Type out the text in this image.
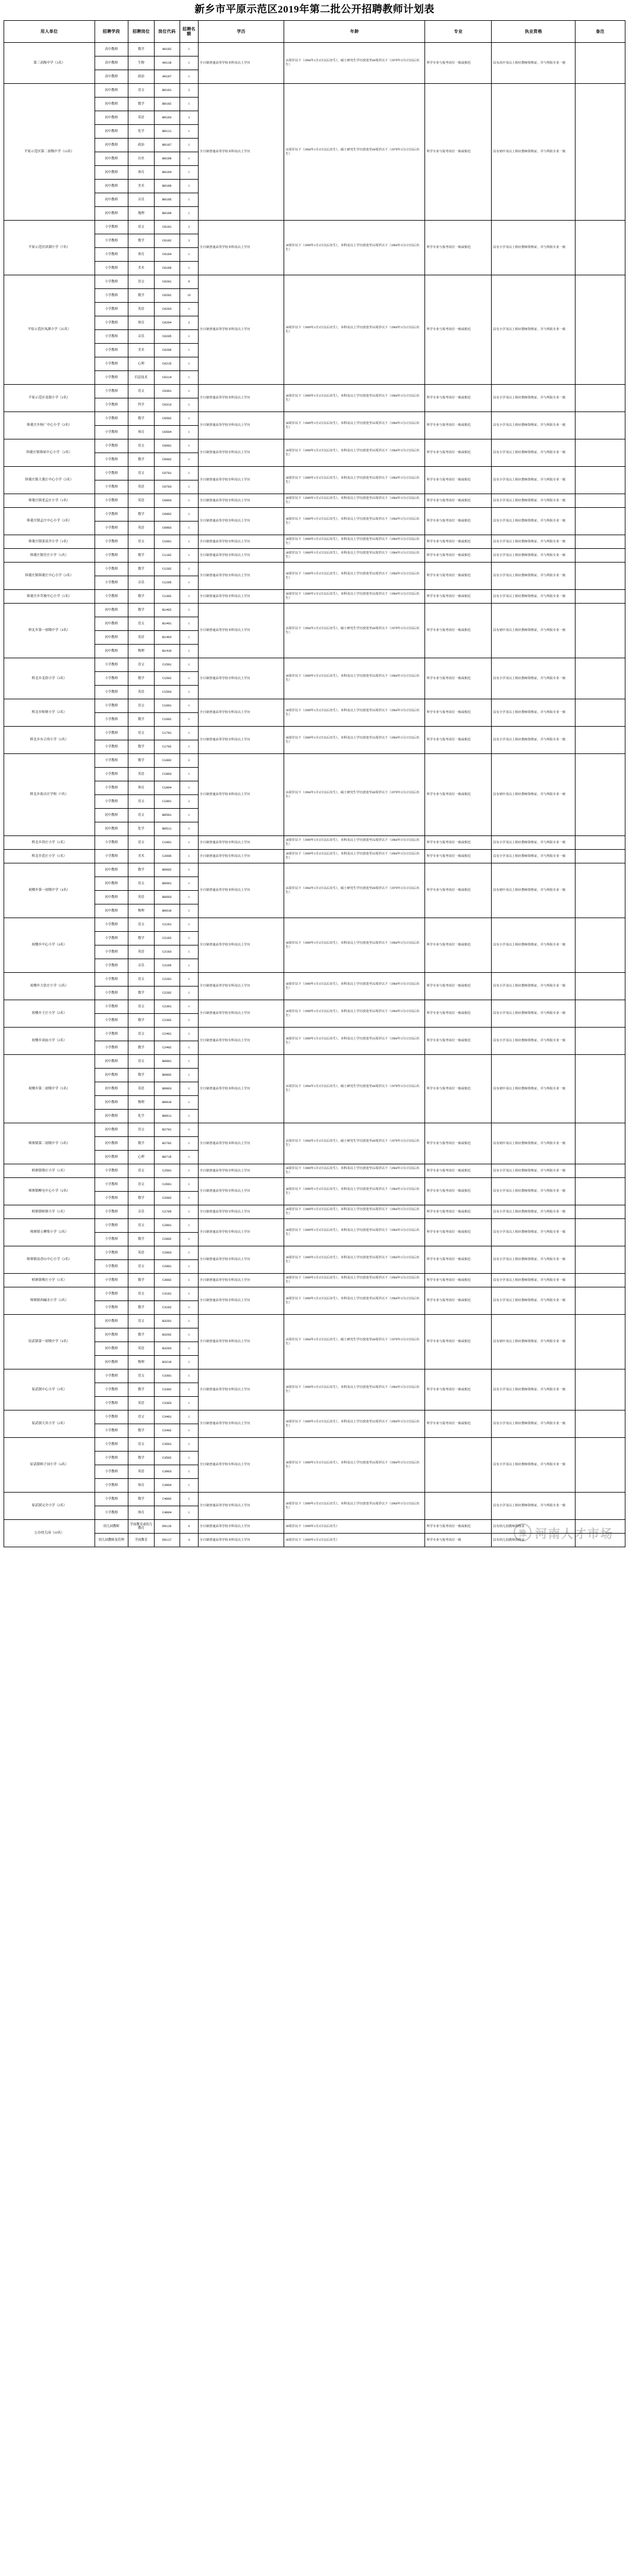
新乡市平原示范区2019年第二批公开招聘教师计划表
用人单位	招聘学段	招聘岗位	岗位代码	招聘名额	学历	年龄	专业	执业资格	备注
第三高级中学（3名）	高中教师	数学	A0102	1	全日制普通高等学校本科及以上学历	35周岁以下（1984年1月1日以后出生），硕士研究生学历放宽至40周岁以下（1979年1月1日以后出生）	所学专业与报考岗位一致或相近	具有高中及以上相应教师资格证，并与所报专业一致	
	高中教师	生物	A0118	1					
	高中教师	政治	A0107	1					
平原示范区第二初级中学（13名）	初中教师	语文	B0101	2	全日制普通高等学校本科及以上学历	35周岁以下（1984年1月1日以后出生），硕士研究生学历放宽至40周岁以下（1979年1月1日以后出生）	所学专业与报考岗位一致或相近	具有初中及以上相应教师资格证，并与所报专业一致	
	初中教师	数学	B0102	1					
	初中教师	英语	B0103	3					
	初中教师	化学	B0111	1					
	初中教师	政治	B0107	1					
	初中教师	历史	B0108	1					
	初中教师	体育	B0104	1					
	初中教师	美术	B0106	1					
	初中教师	音乐	B0105	1					
	初中教师	地理	B0109	1					
平原示范区滨湖小学（7名）	小学教师	语文	C0101	2	全日制普通高等学校本科及以上学历	30周岁以下（1989年1月1日以后出生），本科及以上学历放宽至35周岁以下（1984年1月1日以后出生）	所学专业与报考岗位一致或相近	具有小学及以上相应教师资格证，并与所报专业一致	
	小学教师	数学	C0102	3					
	小学教师	体育	C0104	1					
	小学教师	美术	C0106	1					
平原示范区凤湖小学（25名）	小学教师	语文	C0201	8	全日制普通高等学校本科及以上学历	30周岁以下（1989年1月1日以后出生），本科及以上学历放宽至35周岁以下（1984年1月1日以后出生）	所学专业与报考岗位一致或相近	具有小学及以上相应教师资格证，并与所报专业一致	
	小学教师	数学	C0202	10					
	小学教师	英语	C0203	1					
	小学教师	体育	C0204	2					
	小学教师	音乐	C0205	1					
	小学教师	美术	C0206	1					
	小学教师	心理	C0215	1					
	小学教师	信息技术	C0214	1					
平原示范区龙源小学（2名）	小学教师	语文	C0301	1	全日制普通高等学校本科及以上学历	30周岁以下（1989年1月1日以后出生），本科及以上学历放宽至35周岁以下（1984年1月1日以后出生）	所学专业与报考岗位一致或相近	具有小学及以上相应教师资格证，并与所报专业一致	
	小学教师	科学	C0313	1					
韩董庄乡杨厂中心小学（2名）	小学教师	数学	C0502	1	全日制普通高等学校专科及以上学历	30周岁以下（1989年1月1日以后出生），本科及以上学历放宽至35周岁以下（1984年1月1日以后出生）	所学专业与报考岗位一致或相近	具有小学及以上相应教师资格证，并与所报专业一致	
	小学教师	体育	C0504	1					
韩董庄镇韩屋中心小学 （2名）	小学教师	语文	C0601	1	全日制普通高等学校专科及以上学历	30周岁以下（1989年1月1日以后出生），本科及以上学历放宽至35周岁以下（1984年1月1日以后出生）	所学专业与报考岗位一致或相近	具有小学及以上相应教师资格证，并与所报专业一致	
	小学教师	数学	C0602	1					
韩董庄镇大董庄中心小学（2名）	小学教师	语文	C0701	1	全日制普通高等学校专科及以上学历	30周岁以下（1989年1月1日以后出生），本科及以上学历放宽至35周岁以下（1984年1月1日以后出生）	所学专业与报考岗位一致或相近	具有小学及以上相应教师资格证，并与所报专业一致	
	小学教师	英语	C0703	1					
韩董庄镇老孟庄小学（1名）	小学教师	英语	C0803	1	全日制普通高等学校专科及以上学历	30周岁以下（1989年1月1日以后出生），本科及以上学历放宽至35周岁以下（1984年1月1日以后出生）	所学专业与报考岗位一致或相近	具有小学及以上相应教师资格证，并与所报专业一致	
韩董庄镇孟庄中心小学（2名）	小学教师	数学	C0902	1	全日制普通高等学校专科及以上学历	30周岁以下（1989年1月1日以后出生），本科及以上学历放宽至35周岁以下（1984年1月1日以后出生）	所学专业与报考岗位一致或相近	具有小学及以上相应教师资格证，并与所报专业一致	
	小学教师	英语	C0903	1					
韩董庄镇张双井小学（1名）	小学教师	语文	C1001	1	全日制普通高等学校专科及以上学历	30周岁以下（1989年1月1日以后出生），本科及以上学历放宽至35周岁以下（1984年1月1日以后出生）	所学专业与报考岗位一致或相近	具有小学及以上相应教师资格证，并与所报专业一致	
韩董庄镇任庄小学（1名）	小学教师	数学	C1102	1	全日制普通高等学校专科及以上学历	30周岁以下（1989年1月1日以后出生），本科及以上学历放宽至35周岁以下（1984年1月1日以后出生）	所学专业与报考岗位一致或相近	具有小学及以上相应教师资格证，并与所报专业一致	
韩董庄镇韩董庄中心小学（2名）	小学教师	数学	C1202	1	全日制普通高等学校专科及以上学历	30周岁以下（1989年1月1日以后出生），本科及以上学历放宽至35周岁以下（1984年1月1日以后出生）	所学专业与报考岗位一致或相近	具有小学及以上相应教师资格证，并与所报专业一致	
	小学教师	音乐	C1205	1					
韩董庄乡草坡中心小学（1名）	小学教师	数学	C1302	1	全日制普通高等学校专科及以上学历	30周岁以下（1989年1月1日以后出生），本科及以上学历放宽至35周岁以下（1984年1月1日以后出生）	所学专业与报考岗位一致或相近	具有小学及以上相应教师资格证，并与所报专业一致	
桥北乡第一初级中学（4名）	初中教师	数学	B1402	1	全日制普通高等学校本科及以上学历	35周岁以下（1984年1月1日以后出生），硕士研究生学历放宽至40周岁以下（1979年1月1日以后出生）	所学专业与报考岗位一致或相近	具有初中及以上相应教师资格证，并与所报专业一致	
	初中教师	语文	B1401	1					
	初中教师	英语	B1403	1					
	初中教师	物理	B1410	1					
桥北乡北街小学（3名）	小学教师	语文	C1501	1	全日制普通高等学校专科及以上学历	30周岁以下（1989年1月1日以后出生），本科及以上学历放宽至35周岁以下（1984年1月1日以后出生）	所学专业与报考岗位一致或相近	具有小学及以上相应教师资格证，并与所报专业一致	
	小学教师	数学	C1502	1					
	小学教师	英语	C1503	1					
桥北乡师寨小学（2名）	小学教师	语文	C1601	1	全日制普通高等学校专科及以上学历	30周岁以下（1989年1月1日以后出生），本科及以上学历放宽至35周岁以下（1984年1月1日以后出生）	所学专业与报考岗位一致或相近	具有小学及以上相应教师资格证，并与所报专业一致	
	小学教师	数学	C1602	1					
桥北乡东合角小学（2名）	小学教师	语文	C1701	1	全日制普通高等学校专科及以上学历	30周岁以下（1989年1月1日以后出生），本科及以上学历放宽至35周岁以下（1984年1月1日以后出生）	所学专业与报考岗位一致或相近	具有小学及以上相应教师资格证，并与所报专业一致	
	小学教师	数学	C1702	1					
桥北乡盐店庄学校（7名）	小学教师	数学	C1802	2	全日制普通高等学校本科及以上学历	35周岁以下（1984年1月1日以后出生），硕士研究生学历放宽至40周岁以下（1979年1月1日以后出生）	所学专业与报考岗位一致或相近	具有初中及以上相应教师资格证，并与所报专业一致	
	小学教师	英语	C1803	1					
	小学教师	体育	C1804	1					
	小学教师	语文	C1801	2					
	初中教师	语文	B0501	1					
	初中教师	化学	B0511	1					
桥北乡洪庄小学（1名）	小学教师	语文	C1901	1	全日制普通高等学校专科及以上学历	30周岁以下（1989年1月1日以后出生），本科及以上学历放宽至35周岁以下（1984年1月1日以后出生）	所学专业与报考岗位一致或相近	具有小学及以上相应教师资格证，并与所报专业一致	
桥北乡范庄小学（1名）	小学教师	美术	C2006	1	全日制普通高等学校专科及以上学历	30周岁以下（1989年1月1日以后出生），本科及以上学历放宽至35周岁以下（1984年1月1日以后出生）	所学专业与报考岗位一致或相近	具有小学及以上相应教师资格证，并与所报专业一致	
祝楼乡第一初级中学（4名）	初中教师	数学	B0602	1	全日制普通高等学校本科及以上学历	35周岁以下（1984年1月1日以后出生），硕士研究生学历放宽至40周岁以下（1979年1月1日以后出生）	所学专业与报考岗位一致或相近	具有初中及以上相应教师资格证，并与所报专业一致	
	初中教师	语文	B0601	1					
	初中教师	英语	B0603	1					
	初中教师	物理	B0610	1					
祝楼乡中心小学（4名）	小学教师	语文	C2101	1	全日制普通高等学校专科及以上学历	30周岁以下（1989年1月1日以后出生），本科及以上学历放宽至35周岁以下（1984年1月1日以后出生）	所学专业与报考岗位一致或相近	具有小学及以上相应教师资格证，并与所报专业一致	
	小学教师	数学	C2102	1					
	小学教师	英语	C2103	1					
	小学教师	音乐	C2105	1					
祝楼乡大张庄小学（2名）	小学教师	语文	C2201	1	全日制普通高等学校专科及以上学历	30周岁以下（1989年1月1日以后出生），本科及以上学历放宽至35周岁以下（1984年1月1日以后出生）	所学专业与报考岗位一致或相近	具有小学及以上相应教师资格证，并与所报专业一致	
	小学教师	数学	C2202	1					
祝楼乡王庄小学（2名）	小学教师	语文	C2301	1	全日制普通高等学校专科及以上学历	30周岁以下（1989年1月1日以后出生），本科及以上学历放宽至35周岁以下（1984年1月1日以后出生）	所学专业与报考岗位一致或相近	具有小学及以上相应教师资格证，并与所报专业一致	
	小学教师	数学	C2302	1					
祝楼乡双庙小学（2名）	小学教师	语文	C2401	1	全日制普通高等学校专科及以上学历	30周岁以下（1989年1月1日以后出生），本科及以上学历放宽至35周岁以下（1984年1月1日以后出生）	所学专业与报考岗位一致或相近	具有小学及以上相应教师资格证，并与所报专业一致	
	小学教师	数学	C2402	1					
祝楼乡第二初级中学（5名）	初中教师	语文	B0801	1	全日制普通高等学校本科及以上学历	35周岁以下（1984年1月1日以后出生），硕士研究生学历放宽至40周岁以下（1979年1月1日以后出生）	所学专业与报考岗位一致或相近	具有初中及以上相应教师资格证，并与所报专业一致	
	初中教师	数学	B0802	1					
	初中教师	英语	B0803	1					
	初中教师	物理	B0810	1					
	初中教师	化学	B0811	1					
师寨镇第二初级中学（3名）	初中教师	语文	B2701	1	全日制普通高等学校本科及以上学历	35周岁以下（1984年1月1日以后出生），硕士研究生学历放宽至40周岁以下（1979年1月1日以后出生）	所学专业与报考岗位一致或相近	具有初中及以上相应教师资格证，并与所报专业一致	
	初中教师	数学	B2702	1					
	初中教师	心理	B0715	1					
师寨镇蔡庄小学（1名）	小学教师	语文	C2501	1	全日制普通高等学校专科及以上学历	30周岁以下（1989年1月1日以后出生），本科及以上学历放宽至35周岁以下（1984年1月1日以后出生）	所学专业与报考岗位一致或相近	具有小学及以上相应教师资格证，并与所报专业一致	
师寨镇柳屯中心小学（2名）	小学教师	语文	C2601	1	全日制普通高等学校专科及以上学历	30周岁以下（1989年1月1日以后出生），本科及以上学历放宽至35周岁以下（1984年1月1日以后出生）	所学专业与报考岗位一致或相近	具有小学及以上相应教师资格证，并与所报专业一致	
	小学教师	数学	C2602	1					
师寨镇师寨小学（1名）	小学教师	音乐	C2705	1	全日制普通高等学校专科及以上学历	30周岁以下（1989年1月1日以后出生），本科及以上学历放宽至35周岁以下（1984年1月1日以后出生）	所学专业与报考岗位一致或相近	具有小学及以上相应教师资格证，并与所报专业一致	
师寨镇五柳集小学（2名）	小学教师	语文	C2801	1	全日制普通高等学校专科及以上学历	30周岁以下（1989年1月1日以后出生），本科及以上学历放宽至35周岁以下（1984年1月1日以后出生）	所学专业与报考岗位一致或相近	具有小学及以上相应教师资格证，并与所报专业一致	
	小学教师	数学	C2802	1					
师寨镇南香山中心小学（2名）	小学教师	英语	C2903	1	全日制普通高等学校专科及以上学历	30周岁以下（1989年1月1日以后出生），本科及以上学历放宽至35周岁以下（1984年1月1日以后出生）	所学专业与报考岗位一致或相近	具有小学及以上相应教师资格证，并与所报专业一致	
	小学教师	语文	C2901	1					
师寨镇柴庄小学（1名）	小学教师	数学	C3002	1	全日制普通高等学校专科及以上学历	30周岁以下（1989年1月1日以后出生），本科及以上学历放宽至35周岁以下（1984年1月1日以后出生）	所学专业与报考岗位一致或相近	具有小学及以上相应教师资格证，并与所报专业一致	
师寨镇西碱水小学（2名）	小学教师	语文	C3101	1	全日制普通高等学校专科及以上学历	30周岁以下（1989年1月1日以后出生），本科及以上学历放宽至35周岁以下（1984年1月1日以后出生）	所学专业与报考岗位一致或相近	具有小学及以上相应教师资格证，并与所报专业一致	
	小学教师	数学	C3102	1					
原武镇第一初级中学（4名）	初中教师	语文	B3201	1	全日制普通高等学校本科及以上学历	35周岁以下（1984年1月1日以后出生），硕士研究生学历放宽至40周岁以下（1979年1月1日以后出生）	所学专业与报考岗位一致或相近	具有初中及以上相应教师资格证，并与所报专业一致	
	初中教师	数学	B3202	1					
	初中教师	英语	B3203	1					
	初中教师	物理	B3210	1					
原武镇中心小学（3名）	小学教师	语文	C3301	1	全日制普通高等学校专科及以上学历	30周岁以下（1989年1月1日以后出生），本科及以上学历放宽至35周岁以下（1984年1月1日以后出生）	所学专业与报考岗位一致或相近	具有小学及以上相应教师资格证，并与所报专业一致	
	小学教师	数学	C3302	1					
	小学教师	英语	C3303	1					
原武镇大宾小学（2名）	小学教师	语文	C3401	1	全日制普通高等学校专科及以上学历	30周岁以下（1989年1月1日以后出生），本科及以上学历放宽至35周岁以下（1984年1月1日以后出生）	所学专业与报考岗位一致或相近	具有小学及以上相应教师资格证，并与所报专业一致	
	小学教师	数学	C3402	1					
原武镇师子岗小学（4名）	小学教师	语文	C3501	1	全日制普通高等学校专科及以上学历	30周岁以下（1989年1月1日以后出生），本科及以上学历放宽至35周岁以下（1984年1月1日以后出生）		具有小学及以上相应教师资格证，并与所报专业一致	
	小学教师	数学	C3502	1					
	小学教师	英语	C3903	1					
	小学教师	体育	C3904	1					
原武镇完全小学（2名）	小学教师	数学	C4002	1	全日制普通高等学校专科及以上学历	30周岁以下（1989年1月1日以后出生），本科及以上学历放宽至35周岁以下（1984年1月1日以后出生）		具有小学及以上相应教师资格证，并与所报专业一致	
	小学教师	体育	C4004	1					
公办幼儿园（10名）	幼儿园教师	学前教育或幼儿教育	D0116	6	全日制普通高等学校专科及以上学历	30周岁以下（1989年1月1日以后出生）	所学专业与报考岗位一致或相近	具有幼儿园教师资格证	
	幼儿园教师及管理	学前教育	D0117	4	全日制普通高等学校本科及以上学历	30周岁以下（1989年1月1日以后出生）	所学专业与报考岗位一致	具有幼儿园教师资格证	
豫 河南人才市场
